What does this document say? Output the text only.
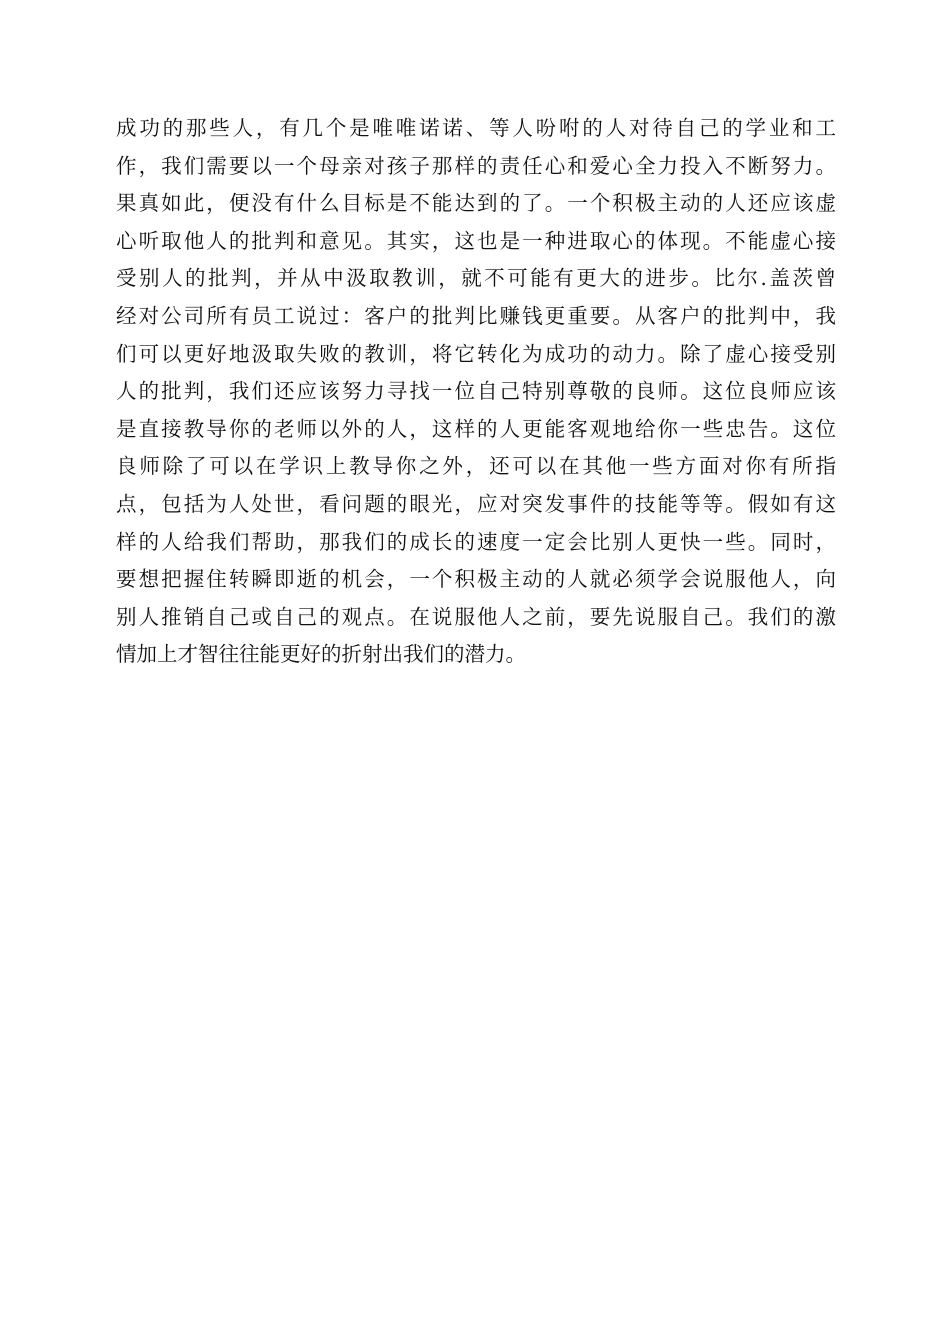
成功的那些人，有几个是唯唯诺诺、等人吩咐的人对待自己的学业和工
作，我们需要以一个母亲对孩子那样的责任心和爱心全力投入不断努力。
果真如此，便没有什么目标是不能达到的了。一个积极主动的人还应该虚
心听取他人的批判和意见。其实，这也是一种进取心的体现。不能虚心接
受别人的批判，并从中汲取教训，就不可能有更大的进步。比尔.盖茨曾
经对公司所有员工说过：客户的批判比赚钱更重要。从客户的批判中，我
们可以更好地汲取失败的教训，将它转化为成功的动力。除了虚心接受别
人的批判，我们还应该努力寻找一位自己特别尊敬的良师。这位良师应该
是直接教导你的老师以外的人，这样的人更能客观地给你一些忠告。这位
良师除了可以在学识上教导你之外，还可以在其他一些方面对你有所指
点，包括为人处世，看问题的眼光，应对突发事件的技能等等。假如有这
样的人给我们帮助，那我们的成长的速度一定会比别人更快一些。同时，
要想把握住转瞬即逝的机会，一个积极主动的人就必须学会说服他人，向
别人推销自己或自己的观点。在说服他人之前，要先说服自己。我们的激
情加上才智往往能更好的折射出我们的潜力。
